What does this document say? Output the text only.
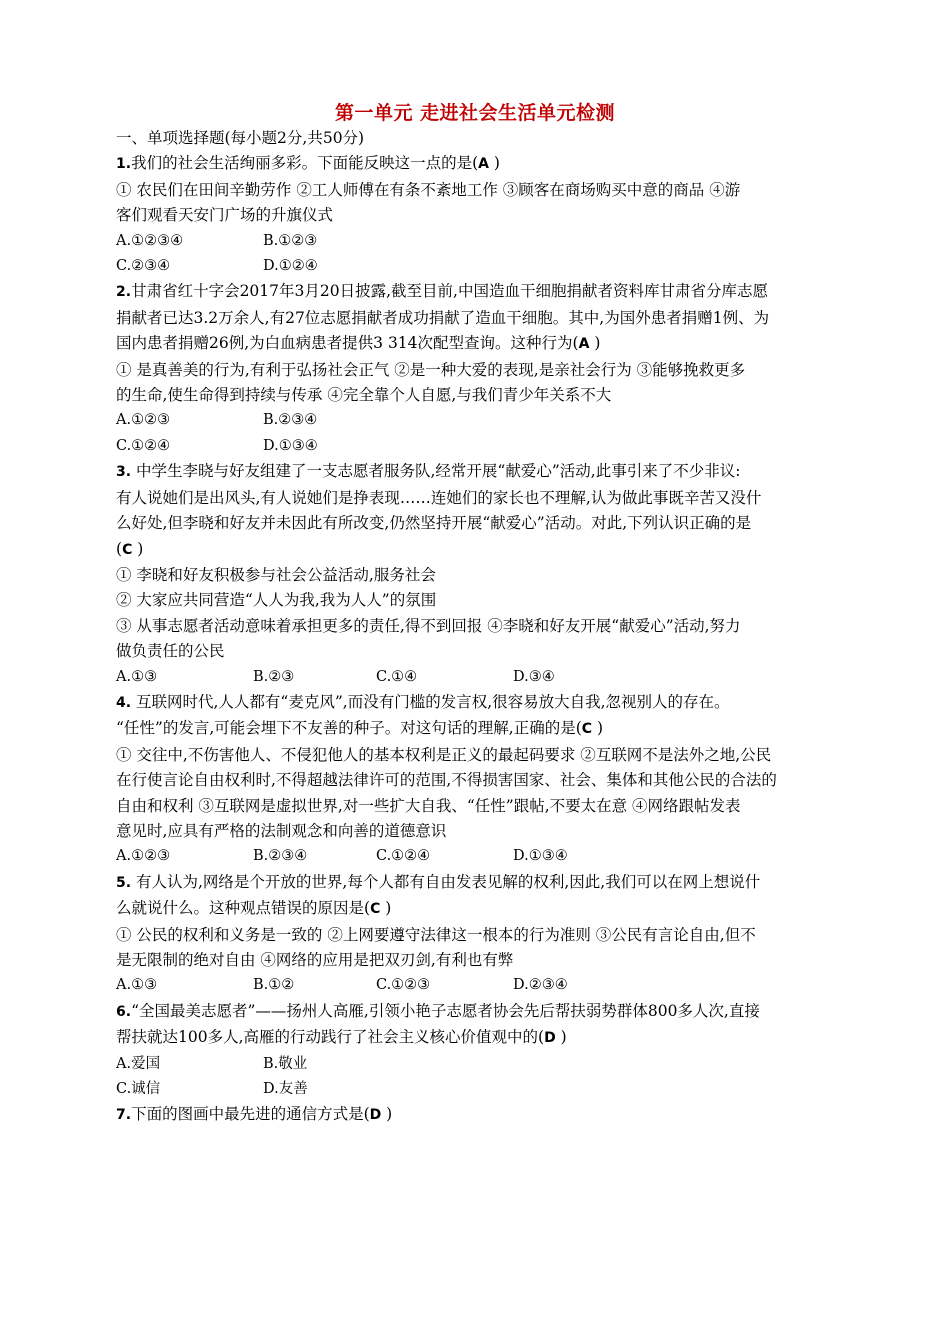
第一单元 走进社会生活单元检测
一、单项选择题(每小题2分,共50分)
1.我们的社会生活绚丽多彩。下面能反映这一点的是(A )
① 农民们在田间辛勤劳作 ②工人师傅在有条不紊地工作 ③顾客在商场购买中意的商品 ④游
客们观看天安门广场的升旗仪式
A.①②③④	B.①②③
C.②③④	D.①②④
2.甘肃省红十字会2017年3月20日披露,截至目前,中国造血干细胞捐献者资料库甘肃省分库志愿
捐献者已达3.2万余人,有27位志愿捐献者成功捐献了造血干细胞。其中,为国外患者捐赠1例、为
国内患者捐赠26例,为白血病患者提供3 314次配型查询。这种行为(A )
① 是真善美的行为,有利于弘扬社会正气 ②是一种大爱的表现,是亲社会行为 ③能够挽救更多
的生命,使生命得到持续与传承 ④完全靠个人自愿,与我们青少年关系不大
A.①②③	B.②③④
C.①②④	D.①③④
3. 中学生李晓与好友组建了一支志愿者服务队,经常开展“献爱心”活动,此事引来了不少非议:
有人说她们是出风头,有人说她们是挣表现……连她们的家长也不理解,认为做此事既辛苦又没什
么好处,但李晓和好友并未因此有所改变,仍然坚持开展“献爱心”活动。对此,下列认识正确的是
(C )
① 李晓和好友积极参与社会公益活动,服务社会
② 大家应共同营造“人人为我,我为人人”的氛围
③ 从事志愿者活动意味着承担更多的责任,得不到回报 ④李晓和好友开展“献爱心”活动,努力
做负责任的公民
A.①③	B.②③	C.①④	D.③④
4. 互联网时代,人人都有“麦克风”,而没有门槛的发言权,很容易放大自我,忽视别人的存在。
“任性”的发言,可能会埋下不友善的种子。对这句话的理解,正确的是(C )
① 交往中,不伤害他人、不侵犯他人的基本权利是正义的最起码要求 ②互联网不是法外之地,公民
在行使言论自由权利时,不得超越法律许可的范围,不得损害国家、社会、集体和其他公民的合法的
自由和权利 ③互联网是虚拟世界,对一些扩大自我、“任性”跟帖,不要太在意 ④网络跟帖发表
意见时,应具有严格的法制观念和向善的道德意识
A.①②③	B.②③④	C.①②④	D.①③④
5. 有人认为,网络是个开放的世界,每个人都有自由发表见解的权利,因此,我们可以在网上想说什
么就说什么。这种观点错误的原因是(C )
① 公民的权利和义务是一致的 ②上网要遵守法律这一根本的行为准则 ③公民有言论自由,但不
是无限制的绝对自由 ④网络的应用是把双刃剑,有利也有弊
A.①③	B.①②	C.①②③	D.②③④
6.“全国最美志愿者”——扬州人高雁,引领小艳子志愿者协会先后帮扶弱势群体800多人次,直接
帮扶就达100多人,高雁的行动践行了社会主义核心价值观中的(D )
A.爱国	B.敬业
C.诚信	D.友善
7.下面的图画中最先进的通信方式是(D )
